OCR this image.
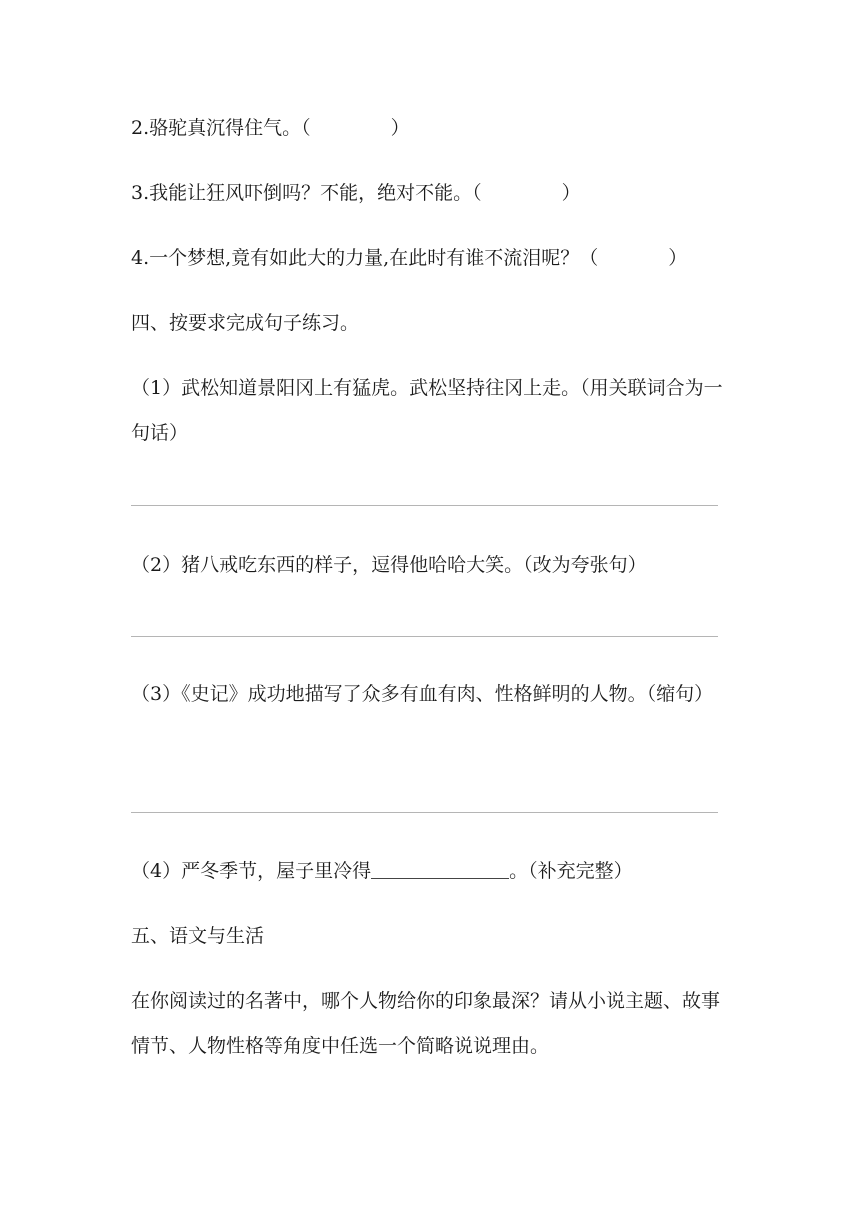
2.骆驼真沉得住气。（	）
3.我能让狂风吓倒吗？不能，绝对不能。（	）
4.一个梦想,竟有如此大的力量,在此时有谁不流泪呢？（	）
四、按要求完成句子练习。
（1）武松知道景阳冈上有猛虎。武松坚持往冈上走。（用关联词合为一句话）
（2）猪八戒吃东西的样子，逗得他哈哈大笑。（改为夸张句）
（3）《史记》成功地描写了众多有血有肉、性格鲜明的人物。（缩句）
（4）严冬季节，屋子里冷得	。（补充完整）
五、语文与生活
在你阅读过的名著中，哪个人物给你的印象最深？请从小说主题、故事情节、人物性格等角度中任选一个简略说说理由。
